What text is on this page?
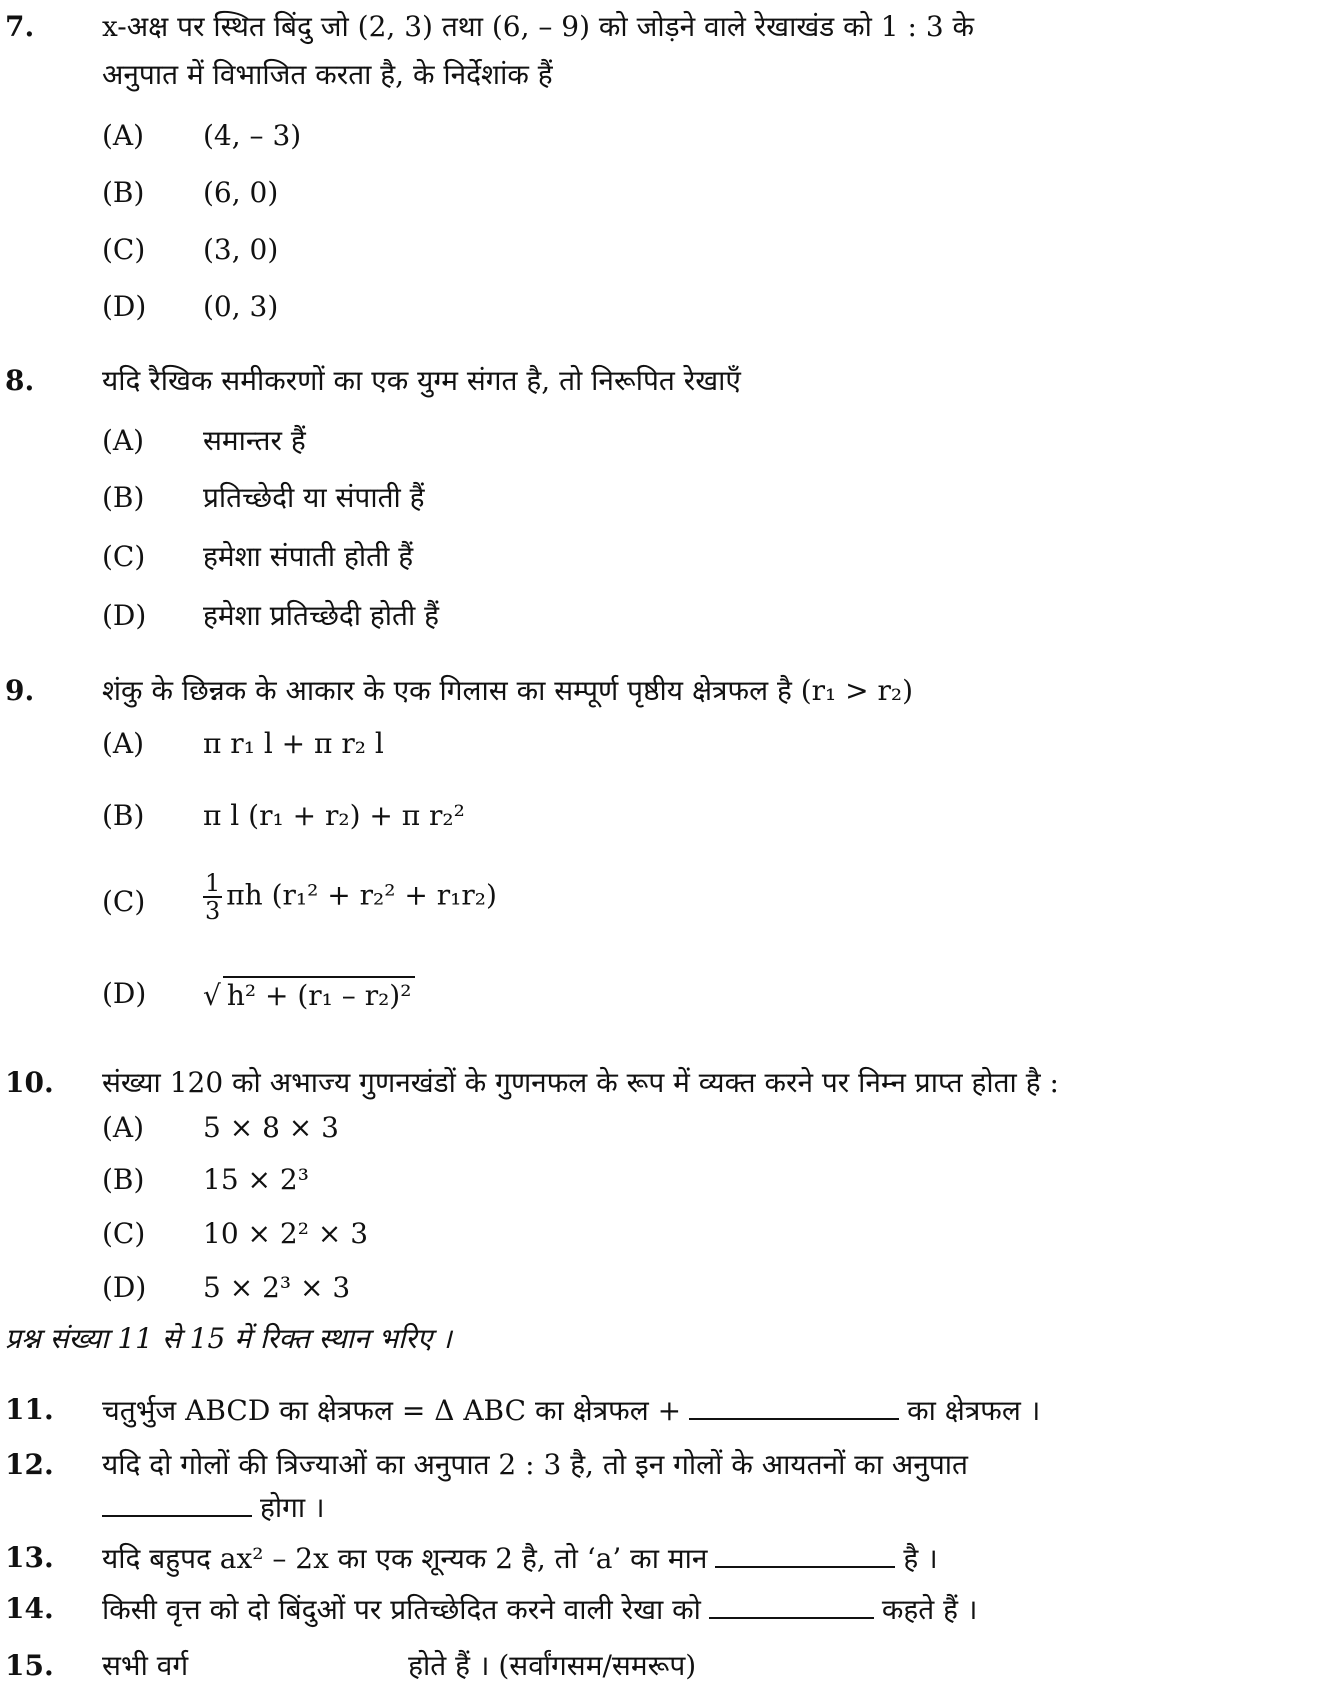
7. x-अक्ष पर स्थित बिंदु जो (2, 3) तथा (6, – 9) को जोड़ने वाले रेखाखंड को 1 : 3 के
अनुपात में विभाजित करता है, के निर्देशांक हैं
(A) (4, – 3)
(B) (6, 0)
(C) (3, 0)
(D) (0, 3)
8. यदि रैखिक समीकरणों का एक युग्म संगत है, तो निरूपित रेखाएँ
(A) समान्तर हैं
(B) प्रतिच्छेदी या संपाती हैं
(C) हमेशा संपाती होती हैं
(D) हमेशा प्रतिच्छेदी होती हैं
9. शंकु के छिन्नक के आकार के एक गिलास का सम्पूर्ण पृष्ठीय क्षेत्रफल है (r₁ > r₂)
(A) π r₁ l + π r₂ l
(B) π l (r₁ + r₂) + π r₂²
$(C) \frac{1}{3}$ πh (r₁² + r₂² + r₁r₂)
(D) √ h² + (r₁ – r₂)²
10. संख्या 120 को अभाज्य गुणनखंडों के गुणनफल के रूप में व्यक्त करने पर निम्न प्राप्त होता है :
(A) 5 × 8 × 3
(B) 15 × 2³
(C) 10 × 2² × 3
(D) 5 × 2³ × 3
प्रश्न संख्या 11 से 15 में रिक्त स्थान भरिए ।
11. चतुर्भुज ABCD का क्षेत्रफल = Δ ABC का क्षेत्रफल +	का क्षेत्रफल ।
12. यदि दो गोलों की त्रिज्याओं का अनुपात 2 : 3 है, तो इन गोलों के आयतनों का अनुपात
होगा ।
13. यदि बहुपद ax² – 2x का एक शून्यक 2 है, तो ‘a’ का मान	है ।
14. किसी वृत्त को दो बिंदुओं पर प्रतिच्छेदित करने वाली रेखा को	कहते हैं ।
15. सभी वर्ग	होते हैं । (सर्वांगसम/समरूप)
